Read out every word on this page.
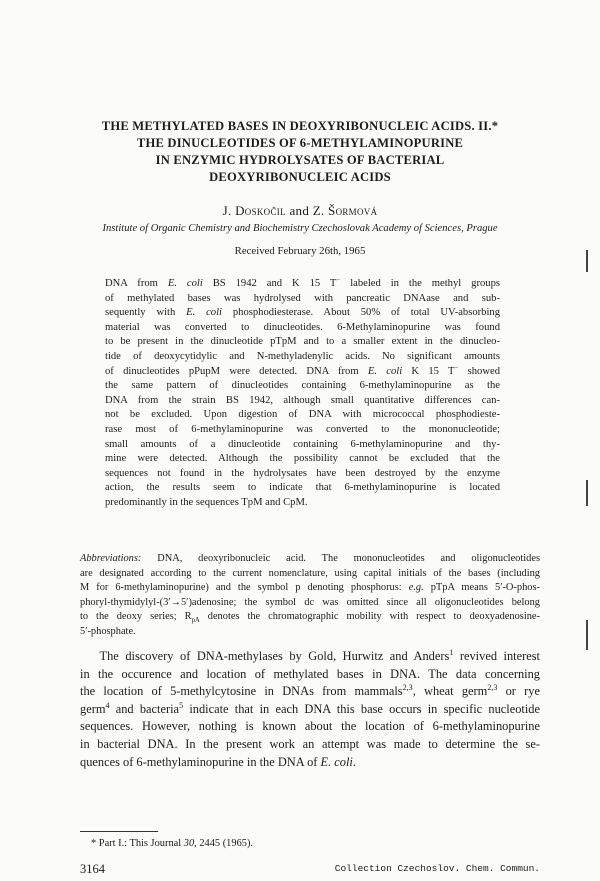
THE METHYLATED BASES IN DEOXYRIBONUCLEIC ACIDS. II.*
THE DINUCLEOTIDES OF 6-METHYLAMINOPURINE
IN ENZYMIC HYDROLYSATES OF BACTERIAL
DEOXYRIBONUCLEIC ACIDS
J. Doskočil and Z. Šormová
Institute of Organic Chemistry and Biochemistry Czechoslovak Academy of Sciences, Prague
Received February 26th, 1965
DNA from E. coli BS 1942 and K 15 T− labeled in the methyl groups
of methylated bases was hydrolysed with pancreatic DNAase and sub-
sequently with E. coli phosphodiesterase. About 50% of total UV-absorbing
material was converted to dinucleotides. 6-Methylaminopurine was found
to be present in the dinucleotide pTpM and to a smaller extent in the dinucleo-
tide of deoxycytidylic and N-methyladenylic acids. No significant amounts
of dinucleotides pPupM were detected. DNA from E. coli K 15 T− showed
the same pattern of dinucleotides containing 6-methylaminopurine as the
DNA from the strain BS 1942, although small quantitative differences can-
not be excluded. Upon digestion of DNA with micrococcal phosphodieste-
rase most of 6-methylaminopurine was converted to the mononucleotide;
small amounts of a dinucleotide containing 6-methylaminopurine and thy-
mine were detected. Although the possibility cannot be excluded that the
sequences not found in the hydrolysates have been destroyed by the enzyme
action, the results seem to indicate that 6-methylaminopurine is located
predominantly in the sequences TpM and CpM.
Abbreviations: DNA, deoxyribonucleic acid. The mononucleotides and oligonucleotides
are designated according to the current nomenclature, using capital initials of the bases (including
M for 6-methylaminopurine) and the symbol p denoting phosphorus: e.g. pTpA means 5′-O-phos-
phoryl-thymidylyl-(3′→5′)adenosine; the symbol dc was omitted since all oligonucleotides belong
to the deoxy series; $R_{pA}$ denotes the chromatographic mobility with respect to deoxyadenosine-
5′-phosphate.
The discovery of DNA-methylases by Gold, Hurwitz and Anders$^1$ revived interest
in the occurence and location of methylated bases in DNA. The data concerning
the location of 5-methylcytosine in DNAs from mammals$^{2,3}$, wheat germ$^{2,3}$ or rye
germ$^4$ and bacteria$^5$ indicate that in each DNA this base occurs in specific nucleotide
sequences. However, nothing is known about the location of 6-methylaminopurine
in bacterial DNA. In the present work an attempt was made to determine the se-
quences of 6-methylaminopurine in the DNA of E. coli.
* Part I.: This Journal 30, 2445 (1965).
3164	Collection Czechoslov. Chem. Commun.
